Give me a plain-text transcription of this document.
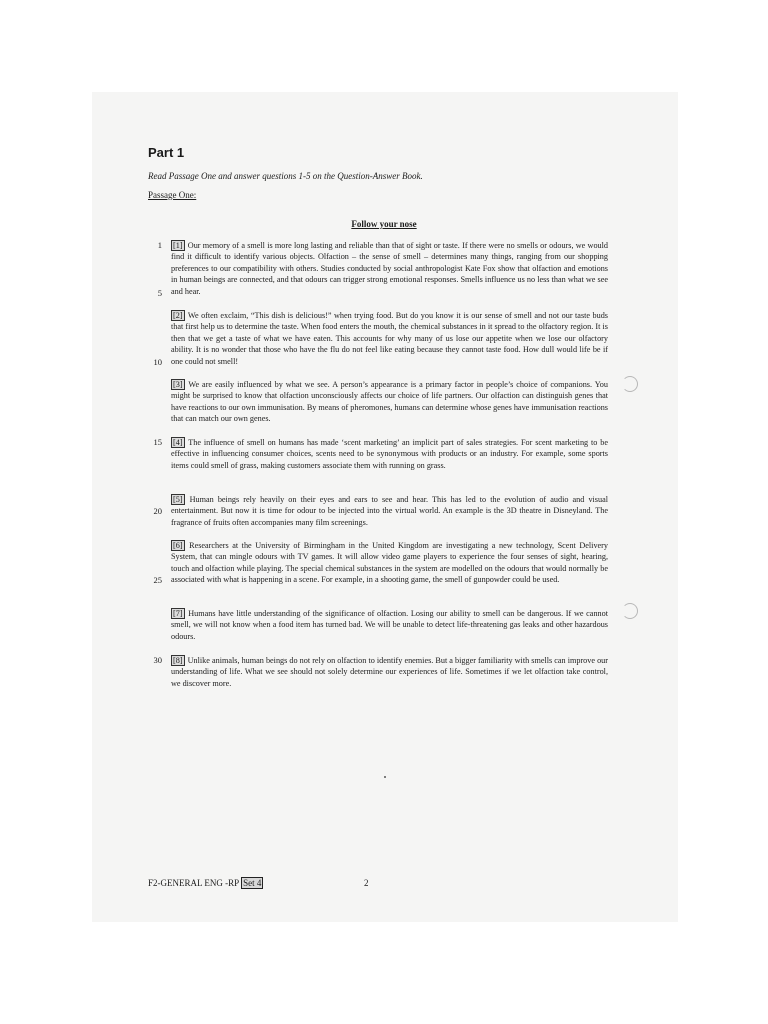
Part 1
Read Passage One and answer questions 1-5 on the Question-Answer Book.
Passage One:
Follow your nose
1
5
10
15
20
25
30
[1] Our memory of a smell is more long lasting and reliable than that of sight or taste. If there were no smells or odours, we would find it difficult to identify various objects. Olfaction – the sense of smell – determines many things, ranging from our shopping preferences to our compatibility with others. Studies conducted by social anthropologist Kate Fox show that olfaction and emotions in human beings are connected, and that odours can trigger strong emotional responses. Smells influence us no less than what we see and hear.
[2] We often exclaim, “This dish is delicious!” when trying food. But do you know it is our sense of smell and not our taste buds that first help us to determine the taste. When food enters the mouth, the chemical substances in it spread to the olfactory region. It is then that we get a taste of what we have eaten. This accounts for why many of us lose our appetite when we lose our olfactory ability. It is no wonder that those who have the flu do not feel like eating because they cannot taste food. How dull would life be if one could not smell!
[3] We are easily influenced by what we see. A person’s appearance is a primary factor in people’s choice of companions. You might be surprised to know that olfaction unconsciously affects our choice of life partners. Our olfaction can distinguish genes that have reactions to our own immunisation. By means of pheromones, humans can determine whose genes have immunisation reactions that can match our own genes.
[4] The influence of smell on humans has made ‘scent marketing’ an implicit part of sales strategies. For scent marketing to be effective in influencing consumer choices, scents need to be synonymous with products or an industry. For example, some sports items could smell of grass, making customers associate them with running on grass.
[5] Human beings rely heavily on their eyes and ears to see and hear. This has led to the evolution of audio and visual entertainment. But now it is time for odour to be injected into the virtual world. An example is the 3D theatre in Disneyland. The fragrance of fruits often accompanies many film screenings.
[6] Researchers at the University of Birmingham in the United Kingdom are investigating a new technology, Scent Delivery System, that can mingle odours with TV games. It will allow video game players to experience the four senses of sight, hearing, touch and olfaction while playing. The special chemical substances in the system are modelled on the odours that would normally be associated with what is happening in a scene. For example, in a shooting game, the smell of gunpowder could be used.
[7] Humans have little understanding of the significance of olfaction. Losing our ability to smell can be dangerous. If we cannot smell, we will not know when a food item has turned bad. We will be unable to detect life-threatening gas leaks and other hazardous odours.
[8] Unlike animals, human beings do not rely on olfaction to identify enemies. But a bigger familiarity with smells can improve our understanding of life. What we see should not solely determine our experiences of life. Sometimes if we let olfaction take control, we discover more.
F2-GENERAL ENG -RP Set 4	2
